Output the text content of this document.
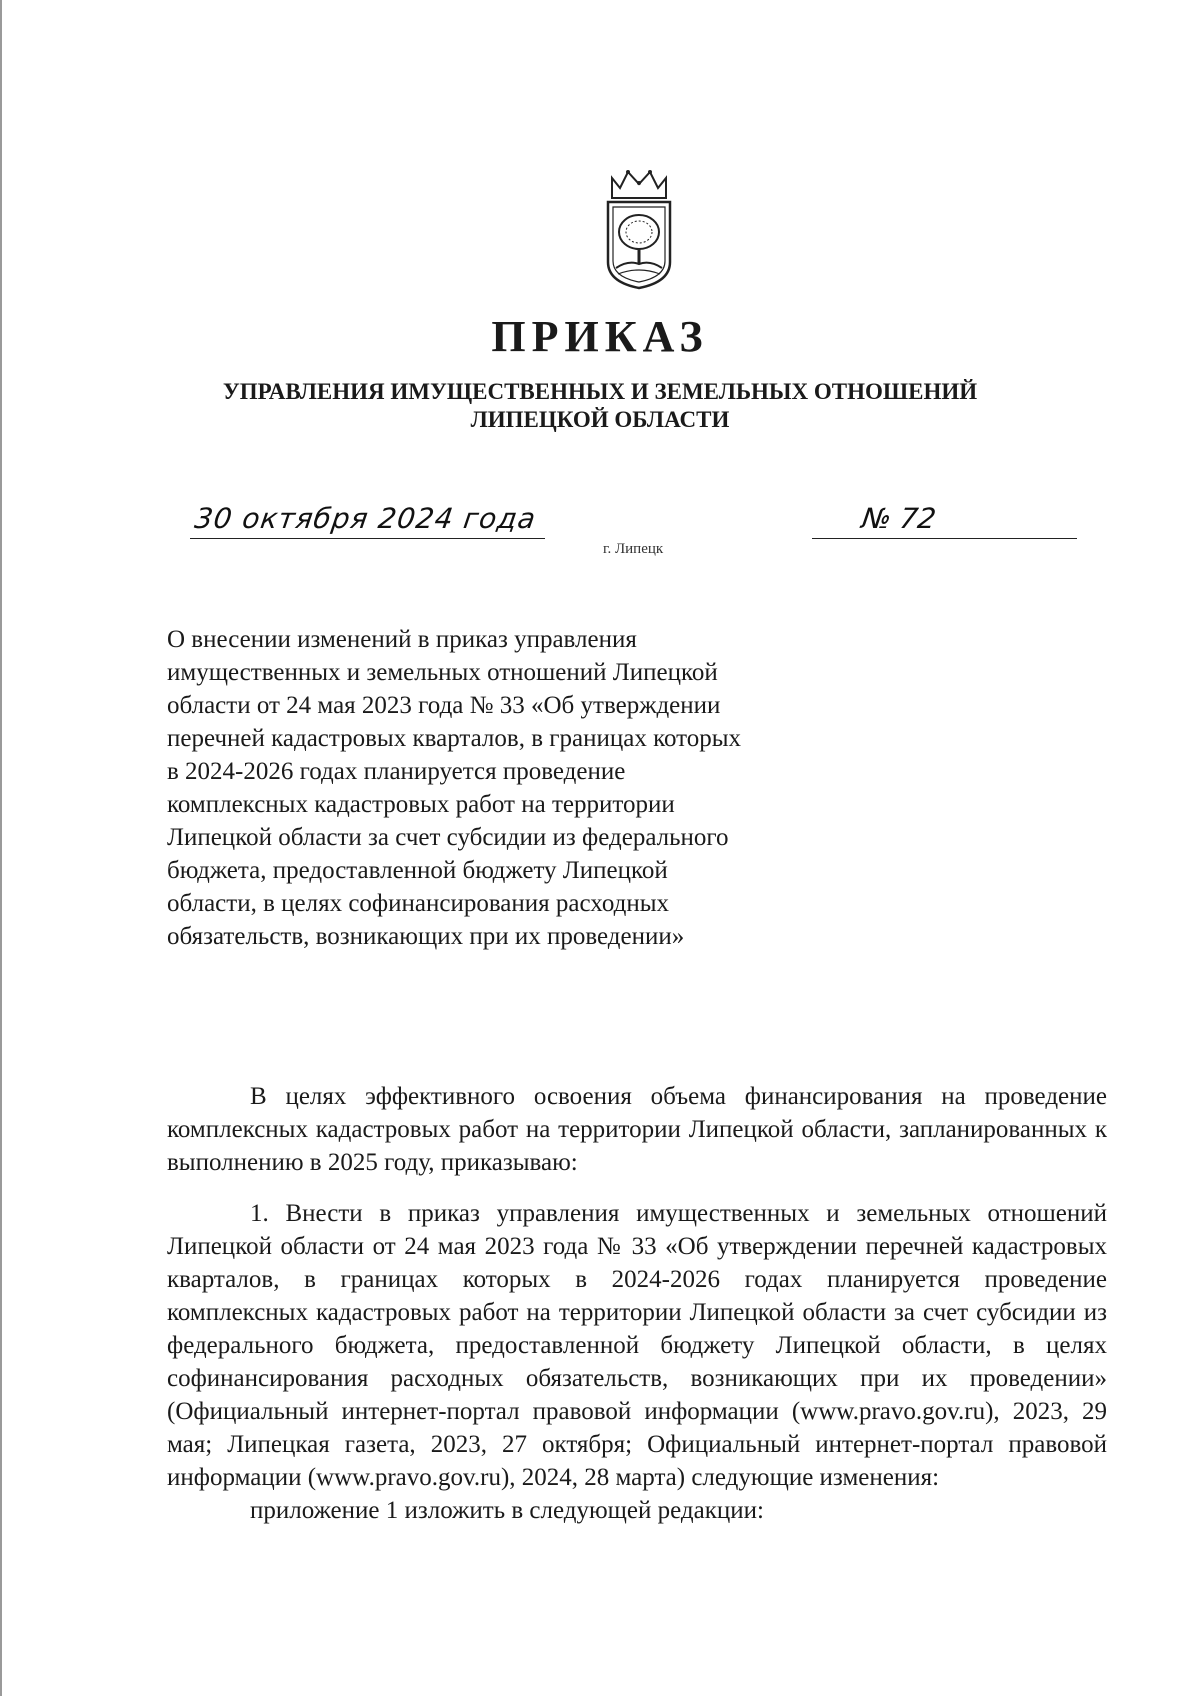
ПРИКАЗ
УПРАВЛЕНИЯ ИМУЩЕСТВЕННЫХ И ЗЕМЕЛЬНЫХ ОТНОШЕНИЙ
ЛИПЕЦКОЙ ОБЛАСТИ
30 октября 2024 года
г. Липецк
№ 72
О внесении изменений в приказ управления имущественных и земельных отношений Липецкой области от 24 мая 2023 года № 33 «Об утверждении перечней кадастровых кварталов, в границах которых в 2024-2026 годах планируется проведение комплексных кадастровых работ на территории Липецкой области за счет субсидии из федерального бюджета, предоставленной бюджету Липецкой области, в целях софинансирования расходных обязательств, возникающих при их проведении»

В целях эффективного освоения объема финансирования на проведение комплексных кадастровых работ на территории Липецкой области, запланированных к выполнению в 2025 году, приказываю:

1. Внести в приказ управления имущественных и земельных отношений Липецкой области от 24 мая 2023 года № 33 «Об утверждении перечней кадастровых кварталов, в границах которых в 2024-2026 годах планируется проведение комплексных кадастровых работ на территории Липецкой области за счет субсидии из федерального бюджета, предоставленной бюджету Липецкой области, в целях софинансирования расходных обязательств, возникающих при их проведении» (Официальный интернет-портал правовой информации (www.pravo.gov.ru), 2023, 29 мая; Липецкая газета, 2023, 27 октября; Официальный интернет-портал правовой информации (www.pravo.gov.ru), 2024, 28 марта) следующие изменения:

приложение 1 изложить в следующей редакции:
